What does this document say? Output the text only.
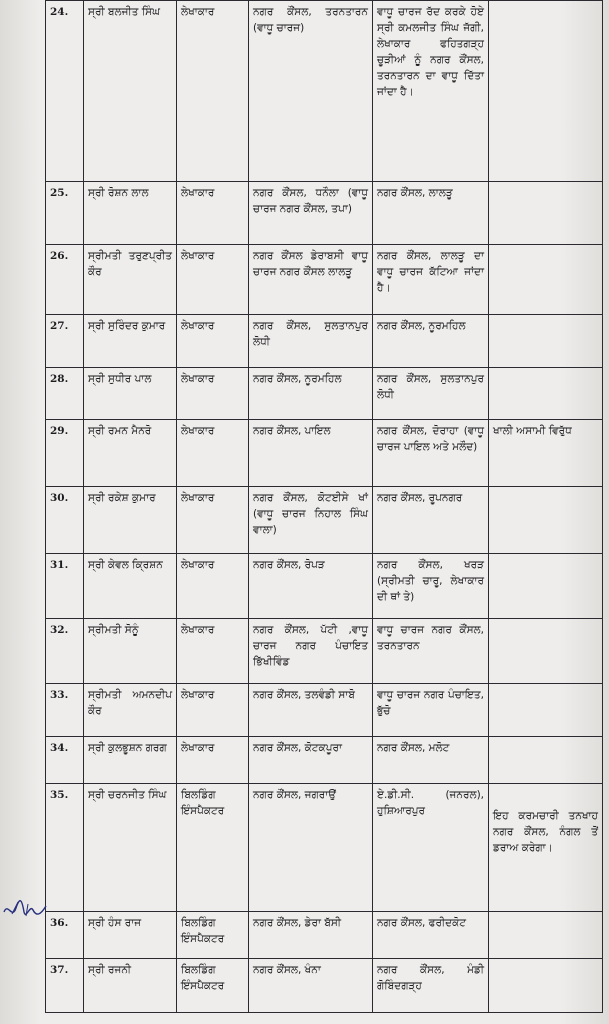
24.	ਸ੍ਰੀ ਬਲਜੀਤ ਸਿੰਘ	ਲੇਖਾਕਾਰ	ਨਗਰ ਕੌਂਸਲ, ਤਰਨਤਾਰਨ (ਵਾਧੂ ਚਾਰਜ)	ਵਾਧੂ ਚਾਰਜ ਰੱਦ ਕਰਕੇ ਹੋਏ ਸ੍ਰੀ ਕਮਲਜੀਤ ਸਿੰਘ ਜੱਗੀ, ਲੇਖਾਕਾਰ ਫਹਿਤਗੜ੍ਹ ਚੂੜੀਆਂ ਨੂੰ ਨਗਰ ਕੌਂਸਲ, ਤਰਨਤਾਰਨ ਦਾ ਵਾਧੂ ਦਿੱਤਾ ਜਾਂਦਾ ਹੈ।	
25.	ਸ੍ਰੀ ਰੋਸ਼ਨ ਲਾਲ	ਲੇਖਾਕਾਰ	ਨਗਰ ਕੌਂਸਲ, ਧਨੌਲਾ (ਵਾਧੂ ਚਾਰਜ ਨਗਰ ਕੌਂਸਲ, ਤਪਾ)	ਨਗਰ ਕੌਂਸਲ, ਲਾਲੜੂ	
26.	ਸ੍ਰੀਮਤੀ ਤਰੁਣਪ੍ਰੀਤ ਕੌਰ	ਲੇਖਾਕਾਰ	ਨਗਰ ਕੌਂਸਲ ਡੇਰਾਬਸੀ ਵਾਧੂ ਚਾਰਜ ਨਗਰ ਕੌਂਸਲ ਲਾਲੜੂ	ਨਗਰ ਕੌਂਸਲ, ਲਾਲੜੂ ਦਾ ਵਾਧੂ ਚਾਰਜ ਕੱਟਿਆ ਜਾਂਦਾ ਹੈ।	
27.	ਸ੍ਰੀ ਸੁਰਿੰਦਰ ਕੁਮਾਰ	ਲੇਖਾਕਾਰ	ਨਗਰ ਕੌਂਸਲ, ਸੁਲਤਾਨਪੁਰ ਲੋਧੀ	ਨਗਰ ਕੌਂਸਲ, ਨੂਰਮਹਿਲ	
28.	ਸ੍ਰੀ ਸੁਧੀਰ ਪਾਲ	ਲੇਖਾਕਾਰ	ਨਗਰ ਕੌਂਸਲ, ਨੂਰਮਹਿਲ	ਨਗਰ ਕੌਂਸਲ, ਸੁਲਤਾਨਪੁਰ ਲੋਧੀ	
29.	ਸ੍ਰੀ ਰਮਨ ਮੈਨਰੋ	ਲੇਖਾਕਾਰ	ਨਗਰ ਕੌਂਸਲ, ਪਾਇਲ	ਨਗਰ ਕੌਂਸਲ, ਦੋਰਾਹਾ (ਵਾਧੂ ਚਾਰਜ ਪਾਇਲ ਅਤੇ ਮਲੌਦ)	ਖਾਲੀ ਅਸਾਮੀ ਵਿਰੁੱਧ
30.	ਸ੍ਰੀ ਰਕੇਸ਼ ਕੁਮਾਰ	ਲੇਖਾਕਾਰ	ਨਗਰ ਕੌਂਸਲ, ਕੋਟਈਸੇ ਖਾਂ (ਵਾਧੂ ਚਾਰਜ ਨਿਹਾਲ ਸਿੰਘ ਵਾਲਾ)	ਨਗਰ ਕੌਂਸਲ, ਰੂਪਨਗਰ	
31.	ਸ੍ਰੀ ਕੇਵਲ ਕ੍ਰਿਸ਼ਨ	ਲੇਖਾਕਾਰ	ਨਗਰ ਕੌਂਸਲ, ਰੋਪੜ	ਨਗਰ ਕੌਂਸਲ, ਖਰੜ (ਸ੍ਰੀਮਤੀ ਚਾਰੂ, ਲੇਖਾਕਾਰ ਦੀ ਥਾਂ ਤੇ)	
32.	ਸ੍ਰੀਮਤੀ ਸੋਨੂੰ	ਲੇਖਾਕਾਰ	ਨਗਰ ਕੌਂਸਲ, ਪੱਟੀ ,ਵਾਧੂ ਚਾਰਜ ਨਗਰ ਪੰਚਾਇਤ ਭਿੱਖੀਵਿੰਡ	ਵਾਧੂ ਚਾਰਜ ਨਗਰ ਕੌਂਸਲ, ਤਰਨਤਾਰਨ	
33.	ਸ੍ਰੀਮਤੀ ਅਮਨਦੀਪ ਕੌਰ	ਲੇਖਾਕਾਰ	ਨਗਰ ਕੌਂਸਲ, ਤਲਵੰਡੀ ਸਾਬੋ	ਵਾਧੂ ਚਾਰਜ ਨਗਰ ਪੰਚਾਇਤ, ਭੁੱਚੋ	
34.	ਸ੍ਰੀ ਕੁਲਭੂਸ਼ਨ ਗਰਗ	ਲੇਖਾਕਾਰ	ਨਗਰ ਕੌਂਸਲ, ਕੋਟਕਪੂਰਾ	ਨਗਰ ਕੌਂਸਲ, ਮਲੋਟ	
35.	ਸ੍ਰੀ ਚਰਨਜੀਤ ਸਿੰਘ	ਬਿਲਡਿੰਗ ਇੰਸਪੈਕਟਰ	ਨਗਰ ਕੌਂਸਲ, ਜਗਰਾਉਂ	ਏ.ਡੀ.ਸੀ. (ਜਨਰਲ), ਹੁਸ਼ਿਆਰਪੁਰ	ਇਹ ਕਰਮਚਾਰੀ ਤਨਖਾਹ ਨਗਰ ਕੌਂਸਲ, ਨੰਗਲ ਤੋਂ ਡਰਾਅ ਕਰੇਗਾ।
36.	ਸ੍ਰੀ ਹੰਸ ਰਾਜ	ਬਿਲਡਿੰਗ ਇੰਸਪੈਕਟਰ	ਨਗਰ ਕੌਂਸਲ, ਡੇਰਾ ਬੱਸੀ	ਨਗਰ ਕੌਂਸਲ, ਫਰੀਦਕੋਟ	
37.	ਸ੍ਰੀ ਰਜਨੀ	ਬਿਲਡਿੰਗ ਇੰਸਪੈਕਟਰ	ਨਗਰ ਕੌਂਸਲ, ਖੰਨਾ	ਨਗਰ ਕੌਂਸਲ, ਮੰਡੀ ਗੋਬਿੰਦਗੜ੍ਹ	
